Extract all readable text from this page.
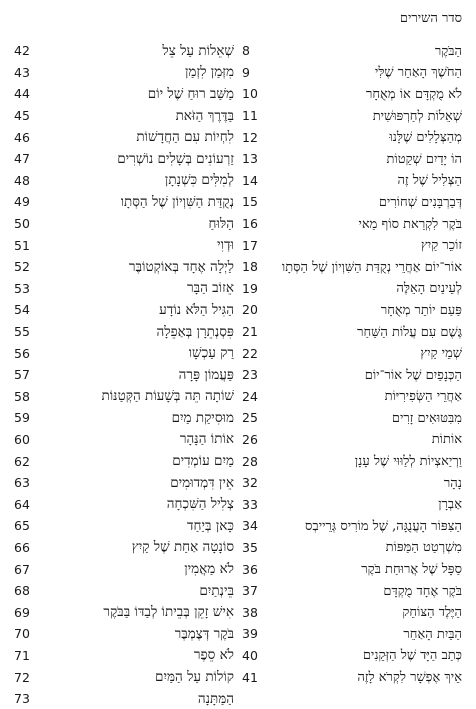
סדר השירים
הַבֹּקֶר
8
הַחֹשֶׁךְ הָאַחֵר שֶׁלִּי
9
לֹא מֻקְדָּם אוֹ מְאֻחָר
10
שְׁאֵלוֹת לְחַרְפּוּשִׁית
11
מְהַצְּלָלִים שֶׁלָּנוּ
12
הוֹ יָדַיִם שְׁקֵטוֹת
13
הַצְּלִיל שֶׁל זֶה
14
דְּבַרְבָּנִים שְׁחוֹרִים
15
בֹּקֶר לִקְרַאת סוֹף מַאי
16
זוֹכֵר קַיִץ
17
אוֹר־יוֹם אַחֲרֵי נְקֻדַּת הַשִּׁוְיוֹן שֶׁל הַסְּתָו
18
לְעֵינַיִם הָאֵלֶּה
19
פַּעַם יוֹתֵר מְאֻחָר
20
גֶּשֶׁם עִם עֲלוֹת הַשַּׁחַר
21
שְׁמֵי קַיִץ
22
הַכְּנָפַיִם שֶׁל אוֹר־יוֹם
23
אַחֲרֵי הַשְּׂפִירִיּוֹת
24
מִבִּטּוּאִים זָרִים
25
אוֹתוֹת
26
וַרְיַאצְיוֹת לְלַוּוּי שֶׁל עָנָן
28
נָהָר
32
אַבְרָן
33
הַצִּפּוֹר הָעֲנֻגָּה, שֶׁל מוֹרִיס גְּרֵייבְס
34
מִשְׁרְטַט הַמַּפּוֹת
35
סַפָּל שֶׁל אֲרוּחַת בֹּקֶר
36
בֹּקֶר אֶחָד מֻקְדָּם
37
הַיֶּלֶד הַצּוֹחֵק
38
הַבַּיִת הָאַחֵר
39
כְּתַב הַיָּד שֶׁל הַזְּקֵנִים
40
אֵיךְ אֶפְשָׁר לִקְרֹא לָזֶה
41
שְׁאֵלוֹת עַל צֵל
42
מִזְּמַן לִזְמַן
43
מַשַּׁב רוּחַ שֶׁל יוֹם
44
בַּדֶּרֶךְ הַזֹּאת
45
לִחְיוֹת עִם הַחֲדָשׁוֹת
46
זַרְעוֹנִים בְּשָׁלִים נוֹשְׁרִים
47
לְמִלִּים כִּשְׁנָתָן
48
נְקֻדַּת הַשִּׁוְיוֹן שֶׁל הַסְּתָו
49
הַלּוּחַ
50
וּדְוִי
51
לַיְלָה אֶחָד בְּאוֹקְטוֹבֶּר
52
אֵזוֹב הַבָּר
53
הַגִּיל הַלֹּא נוֹדָע
54
פִּסְנְתֵרָן בְּאַפֵלָה
55
רַק עַכְשָׁו
56
פַּעֲמוֹן פָּרָה
57
שׁוֹתָה תֵּה בְּשָׁעוֹת הַקְּטַנּוֹת
58
מוּסִיקַת מַיִם
59
אוֹתוֹ הַנָּהָר
60
מַיִם עוֹמְדִים
62
אֵין דִּמְדוּמִים
63
צְלִיל הַשִּׁכְחָה
64
כָּאן בְּיַחַד
65
סוֹנָטָה אַחַת שֶׁל קַיִץ
66
לֹא מַאֲמִין
67
בֵּינְתַיִם
68
אִישׁ זָקֵן בְּבֵיתוֹ לְבַדּוֹ בַּבֹּקֶר
69
בֹּקֶר דְּצֶמְבֶּר
70
לֹא סֵפֶר
71
קוֹלוֹת עַל הַמַּיִם
72
הַמַּתָּנָה
73
